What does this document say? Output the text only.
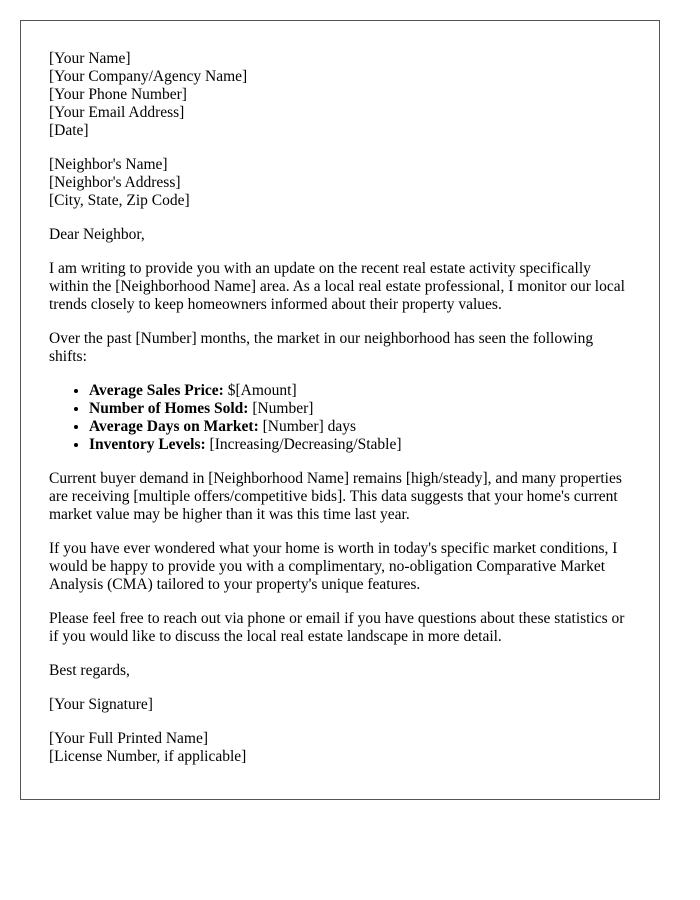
[Your Name]
[Your Company/Agency Name]
[Your Phone Number]
[Your Email Address]
[Date]
[Neighbor's Name]
[Neighbor's Address]
[City, State, Zip Code]

Dear Neighbor,

I am writing to provide you with an update on the recent real estate activity specifically within the [Neighborhood Name] area. As a local real estate professional, I monitor our local trends closely to keep homeowners informed about their property values.

Over the past [Number] months, the market in our neighborhood has seen the following shifts:

• Average Sales Price: $[Amount]
• Number of Homes Sold: [Number]
• Average Days on Market: [Number] days
• Inventory Levels: [Increasing/Decreasing/Stable]

Current buyer demand in [Neighborhood Name] remains [high/steady], and many properties are receiving [multiple offers/competitive bids]. This data suggests that your home's current market value may be higher than it was this time last year.

If you have ever wondered what your home is worth in today's specific market conditions, I would be happy to provide you with a complimentary, no-obligation Comparative Market Analysis (CMA) tailored to your property's unique features.

Please feel free to reach out via phone or email if you have questions about these statistics or if you would like to discuss the local real estate landscape in more detail.

Best regards,

[Your Signature]

[Your Full Printed Name]
[License Number, if applicable]
